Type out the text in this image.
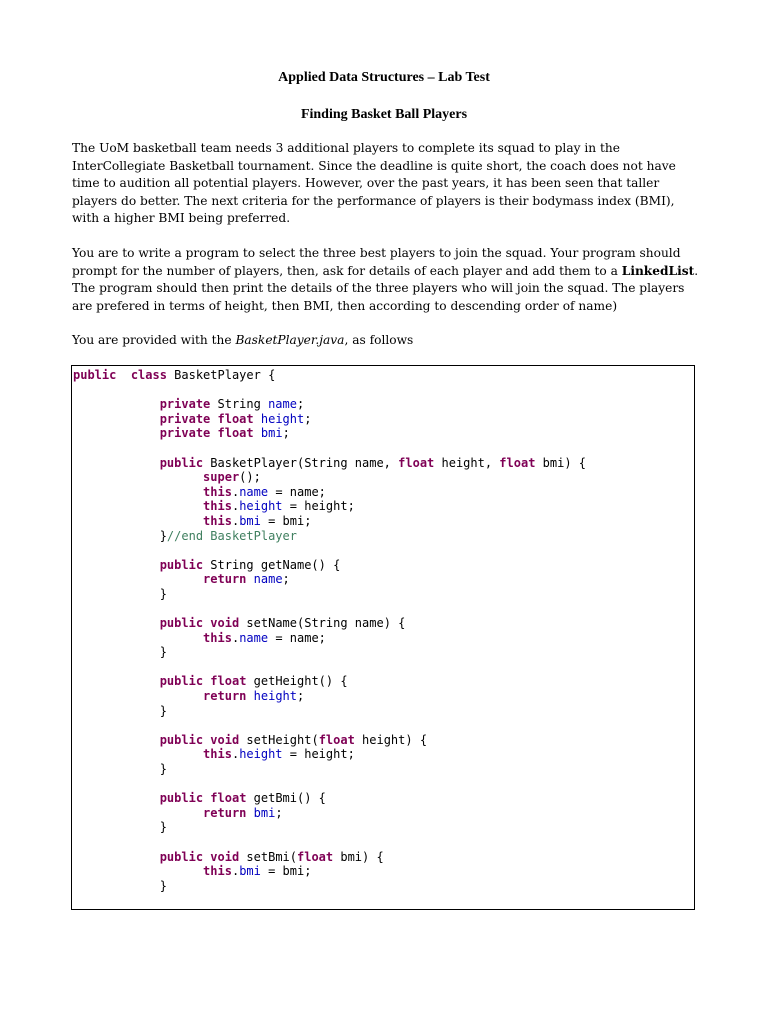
Applied Data Structures – Lab Test

Finding Basket Ball Players

The UoM basketball team needs 3 additional players to complete its squad to play in the InterCollegiate Basketball tournament. Since the deadline is quite short, the coach does not have time to audition all potential players. However, over the past years, it has been seen that taller players do better. The next criteria for the performance of players is their bodymass index (BMI), with a higher BMI being preferred.

You are to write a program to select the three best players to join the squad. Your program should prompt for the number of players, then, ask for details of each player and add them to a LinkedList. The program should then print the details of the three players who will join the squad. The players are prefered in terms of height, then BMI, then according to descending order of name)

You are provided with the BasketPlayer.java, as follows

public class BasketPlayer {
private String name;
private float height;
private float bmi;
public BasketPlayer(String name, float height, float bmi) {
super();
this.name = name;
this.height = height;
this.bmi = bmi;
}//end BasketPlayer
public String getName() {
return name;
}
public void setName(String name) {
this.name = name;
}
public float getHeight() {
return height;
}
public void setHeight(float height) {
this.height = height;
}
public float getBmi() {
return bmi;
}
public void setBmi(float bmi) {
this.bmi = bmi;
}
